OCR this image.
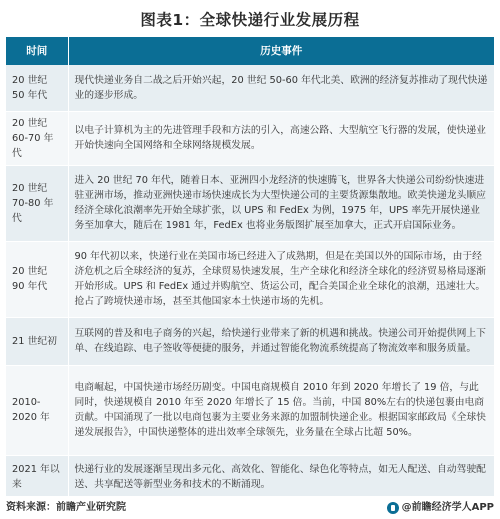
图表1：全球快递行业发展历程
时间	历史事件
20 世纪 50 年代	现代快递业务自二战之后开始兴起，20 世纪 50-60 年代北美、欧洲的经济复苏推动了现代快递业的逐步形成。
20 世纪 60-70 年代	以电子计算机为主的先进管理手段和方法的引入，高速公路、大型航空飞行器的发展，使快递业开始快速向全国网络和全球网络规模发展。
20 世纪 70-80 年代	进入 20 世纪 70 年代，随着日本、亚洲四小龙经济的快速腾飞，世界各大快递公司纷纷快速进驻亚洲市场，推动亚洲快递市场快速成长为大型快递公司的主要货源集散地。欧美快递龙头顺应经济全球化浪潮率先开始全球扩张，以 UPS 和 FedEx 为例，1975 年，UPS 率先开展快递业务至加拿大，随后在 1981 年，FedEx 也将业务版图扩展至加拿大，正式开启国际业务。
20 世纪 90 年代	90 年代初以来，快递行业在美国市场已经进入了成熟期，但是在美国以外的国际市场，由于经济危机之后全球经济的复苏，全球贸易快速发展，生产全球化和经济全球化的经济贸易格局逐渐开始形成。UPS 和 FedEx 通过并购航空、货运公司，配合美国企业全球化的浪潮，迅速壮大。抢占了跨境快递市场，甚至其他国家本土快递市场的先机。
21 世纪初	互联网的普及和电子商务的兴起，给快递行业带来了新的机遇和挑战。快递公司开始提供网上下单、在线追踪、电子签收等便捷的服务，并通过智能化物流系统提高了物流效率和服务质量。
2010-2020 年	电商崛起，中国快递市场经历剧变。中国电商规模自 2010 年到 2020 年增长了 19 倍，与此同时，快递规模自 2010 年至 2020 年增长了 15 倍。当前，中国 80%左右的快递包裹由电商贡献。中国涌现了一批以电商包裹为主要业务来源的加盟制快递企业。根据国家邮政局《全球快递发展报告》，中国快递整体的进出效率全球领先，业务量在全球占比超 50%。
2021 年以来	快递行业的发展逐渐呈现出多元化、高效化、智能化、绿色化等特点，如无人配送、自动驾驶配送、共享配送等新型业务和技术的不断涌现。
资料来源：前瞻产业研究院	@前瞻经济学人APP
